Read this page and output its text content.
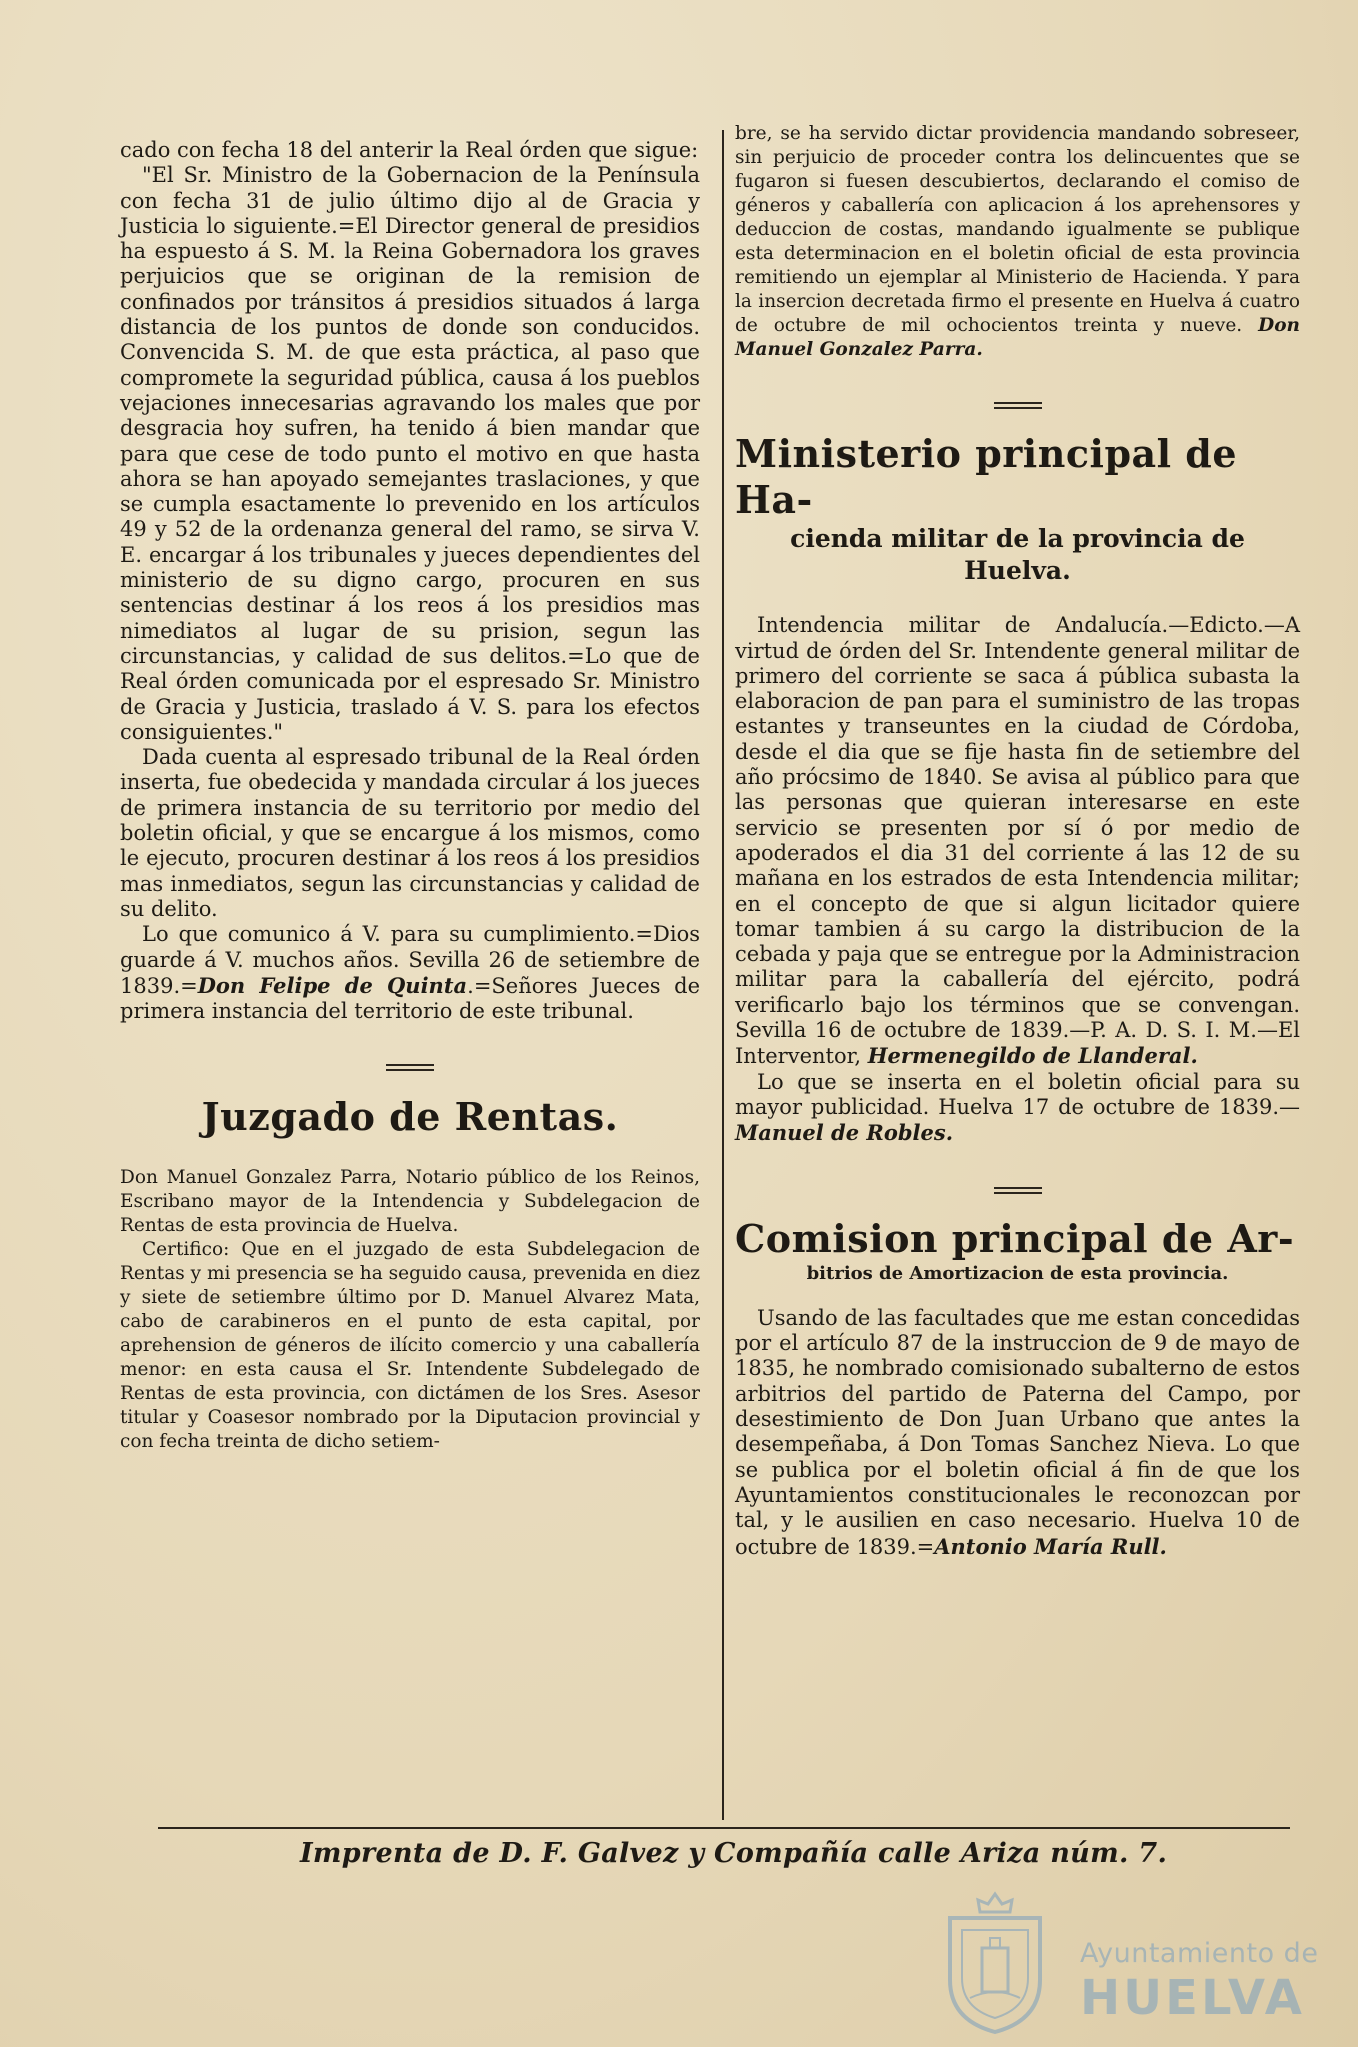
cado con fecha 18 del anterir la Real órden que sigue:

"El Sr. Ministro de la Gobernacion de la Península con fecha 31 de julio último dijo al de Gracia y Justicia lo siguiente.=El Director general de presidios ha espuesto á S. M. la Reina Gobernadora los graves perjuicios que se originan de la remision de confinados por tránsitos á presidios situados á larga distancia de los puntos de donde son conducidos. Convencida S. M. de que esta práctica, al paso que compromete la seguridad pública, causa á los pueblos vejaciones innecesarias agravando los males que por desgracia hoy sufren, ha tenido á bien mandar que para que cese de todo punto el motivo en que hasta ahora se han apoyado semejantes traslaciones, y que se cumpla esactamente lo prevenido en los artículos 49 y 52 de la ordenanza general del ramo, se sirva V. E. encargar á los tribunales y jueces dependientes del ministerio de su digno cargo, procuren en sus sentencias destinar á los reos á los presidios mas nimediatos al lugar de su prision, segun las circunstancias, y calidad de sus delitos.=Lo que de Real órden comunicada por el espresado Sr. Ministro de Gracia y Justicia, traslado á V. S. para los efectos consiguientes."

Dada cuenta al espresado tribunal de la Real órden inserta, fue obedecida y mandada circular á los jueces de primera instancia de su territorio por medio del boletin oficial, y que se encargue á los mismos, como le ejecuto, procuren destinar á los reos á los presidios mas inmediatos, segun las circunstancias y calidad de su delito.

Lo que comunico á V. para su cumplimiento.=Dios guarde á V. muchos años. Sevilla 26 de setiembre de 1839.=Don Felipe de Quinta.=Señores Jueces de primera instancia del territorio de este tribunal.

Juzgado de Rentas.

Don Manuel Gonzalez Parra, Notario público de los Reinos, Escribano mayor de la Intendencia y Subdelegacion de Rentas de esta provincia de Huelva.

Certifico: Que en el juzgado de esta Subdelegacion de Rentas y mi presencia se ha seguido causa, prevenida en diez y siete de setiembre último por D. Manuel Alvarez Mata, cabo de carabineros en el punto de esta capital, por aprehension de géneros de ilícito comercio y una caballería menor: en esta causa el Sr. Intendente Subdelegado de Rentas de esta provincia, con dictámen de los Sres. Asesor titular y Coasesor nombrado por la Diputacion provincial y con fecha treinta de dicho setiem-

bre, se ha servido dictar providencia mandando sobreseer, sin perjuicio de proceder contra los delincuentes que se fugaron si fuesen descubiertos, declarando el comiso de géneros y caballería con aplicacion á los aprehensores y deduccion de costas, mandando igualmente se publique esta determinacion en el boletin oficial de esta provincia remitiendo un ejemplar al Ministerio de Hacienda. Y para la insercion decretada firmo el presente en Huelva á cuatro de octubre de mil ochocientos treinta y nueve. Don Manuel Gonzalez Parra.

Ministerio principal de Ha-
cienda militar de la provincia de Huelva.

Intendencia militar de Andalucía.—Edicto.—A virtud de órden del Sr. Intendente general militar de primero del corriente se saca á pública subasta la elaboracion de pan para el suministro de las tropas estantes y transeuntes en la ciudad de Córdoba, desde el dia que se fije hasta fin de setiembre del año prócsimo de 1840. Se avisa al público para que las personas que quieran interesarse en este servicio se presenten por sí ó por medio de apoderados el dia 31 del corriente á las 12 de su mañana en los estrados de esta Intendencia militar; en el concepto de que si algun licitador quiere tomar tambien á su cargo la distribucion de la cebada y paja que se entregue por la Administracion militar para la caballería del ejército, podrá verificarlo bajo los términos que se convengan. Sevilla 16 de octubre de 1839.—P. A. D. S. I. M.—El Interventor, Hermenegildo de Llanderal.

Lo que se inserta en el boletin oficial para su mayor publicidad. Huelva 17 de octubre de 1839.—Manuel de Robles.

Comision principal de Ar-
bitrios de Amortizacion de esta provincia.

Usando de las facultades que me estan concedidas por el artículo 87 de la instruccion de 9 de mayo de 1835, he nombrado comisionado subalterno de estos arbitrios del partido de Paterna del Campo, por desestimiento de Don Juan Urbano que antes la desempeñaba, á Don Tomas Sanchez Nieva. Lo que se publica por el boletin oficial á fin de que los Ayuntamientos constitucionales le reconozcan por tal, y le ausilien en caso necesario. Huelva 10 de octubre de 1839.=Antonio María Rull.

Imprenta de D. F. Galvez y Compañía calle Ariza núm. 7.
Ayuntamiento de
HUELVA
